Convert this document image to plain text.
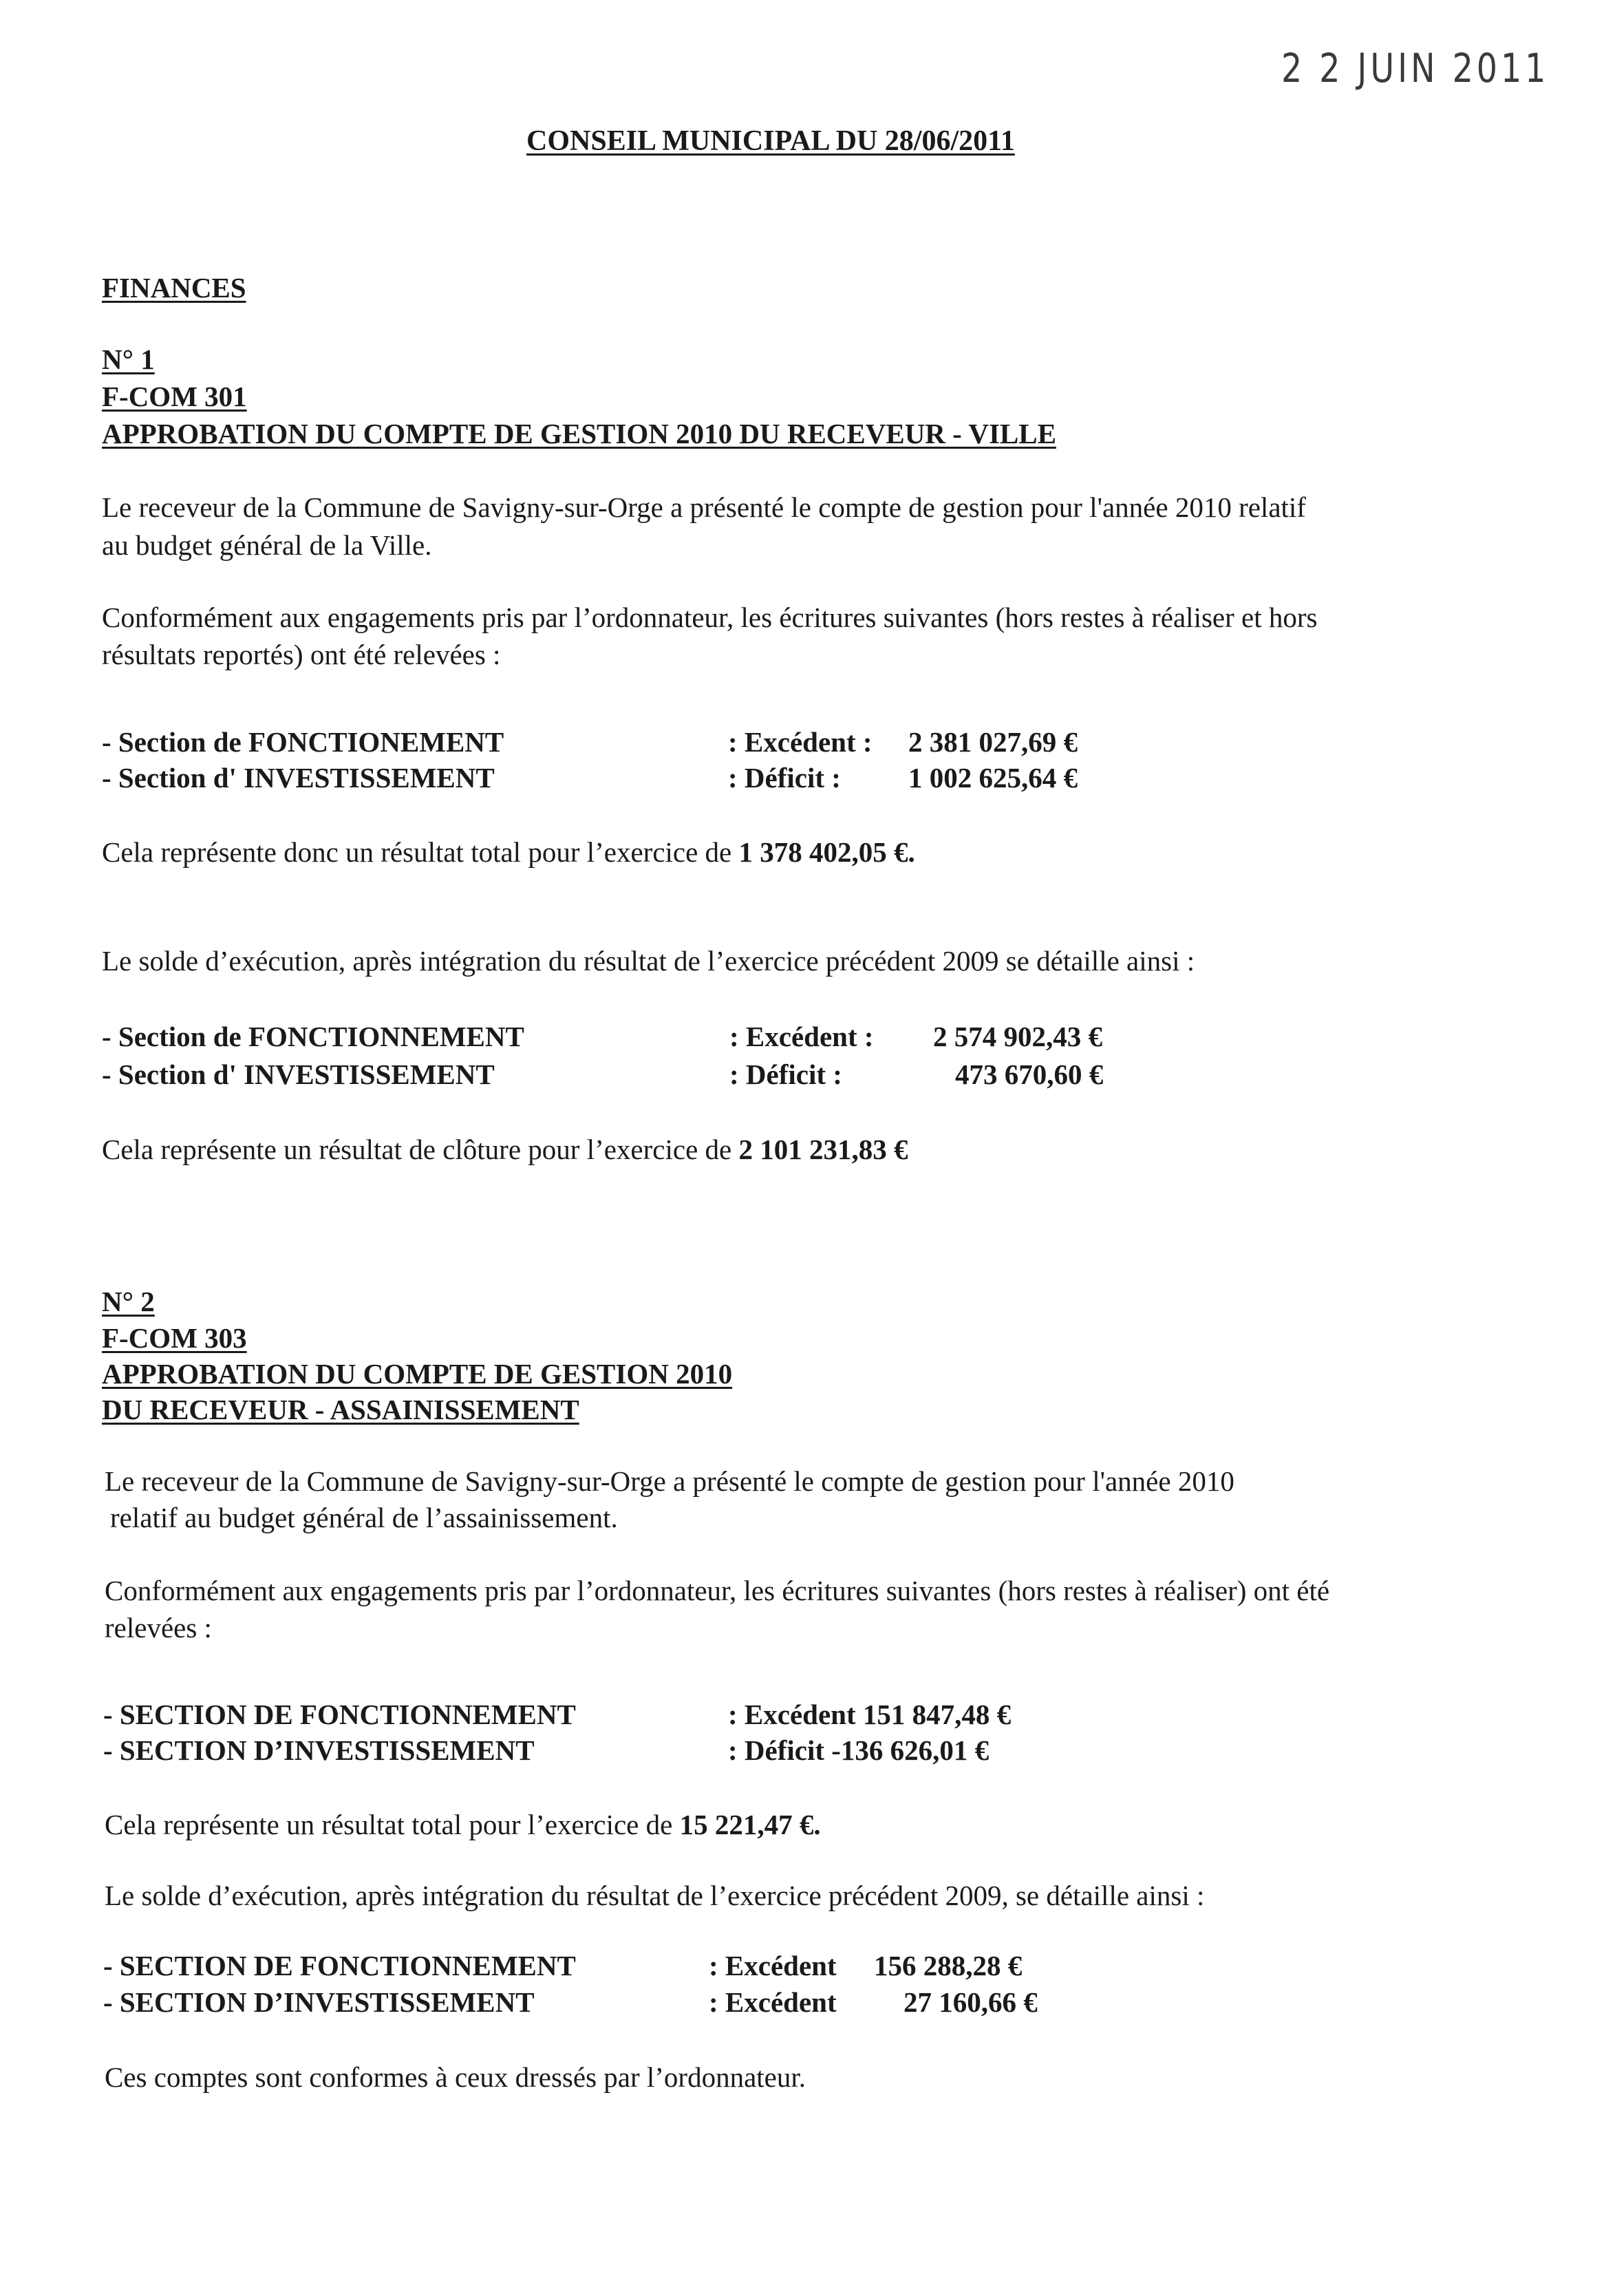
2 2 JUIN 2011
CONSEIL MUNICIPAL DU 28/06/2011
FINANCES
N° 1
F-COM 301
APPROBATION DU COMPTE DE GESTION 2010 DU RECEVEUR - VILLE
Le receveur de la Commune de Savigny-sur-Orge a présenté le compte de gestion pour l'année 2010 relatif
au budget général de la Ville.
Conformément aux engagements pris par l’ordonnateur, les écritures suivantes (hors restes à réaliser et hors
résultats reportés) ont été relevées :
- Section de FONCTIONEMENT	: Excédent : 2 381 027,69 €
- Section d' INVESTISSEMENT	: Déficit : 1 002 625,64 €
Cela représente donc un résultat total pour l’exercice de 1 378 402,05 €.
Le solde d’exécution, après intégration du résultat de l’exercice précédent 2009 se détaille ainsi :
- Section de FONCTIONNEMENT	: Excédent : 2 574 902,43 €
- Section d' INVESTISSEMENT	: Déficit :	473 670,60 €
Cela représente un résultat de clôture pour l’exercice de 2 101 231,83 €
N° 2
F-COM 303
APPROBATION DU COMPTE DE GESTION 2010
DU RECEVEUR - ASSAINISSEMENT
Le receveur de la Commune de Savigny-sur-Orge a présenté le compte de gestion pour l'année 2010
relatif au budget général de l’assainissement.
Conformément aux engagements pris par l’ordonnateur, les écritures suivantes (hors restes à réaliser) ont été
relevées :
- SECTION DE FONCTIONNEMENT	: Excédent 151 847,48 €
- SECTION D’INVESTISSEMENT	: Déficit -136 626,01 €
Cela représente un résultat total pour l’exercice de 15 221,47 €.
Le solde d’exécution, après intégration du résultat de l’exercice précédent 2009, se détaille ainsi :
- SECTION DE FONCTIONNEMENT	: Excédent 156 288,28 €
- SECTION D’INVESTISSEMENT	: Excédent 27 160,66 €
Ces comptes sont conformes à ceux dressés par l’ordonnateur.
